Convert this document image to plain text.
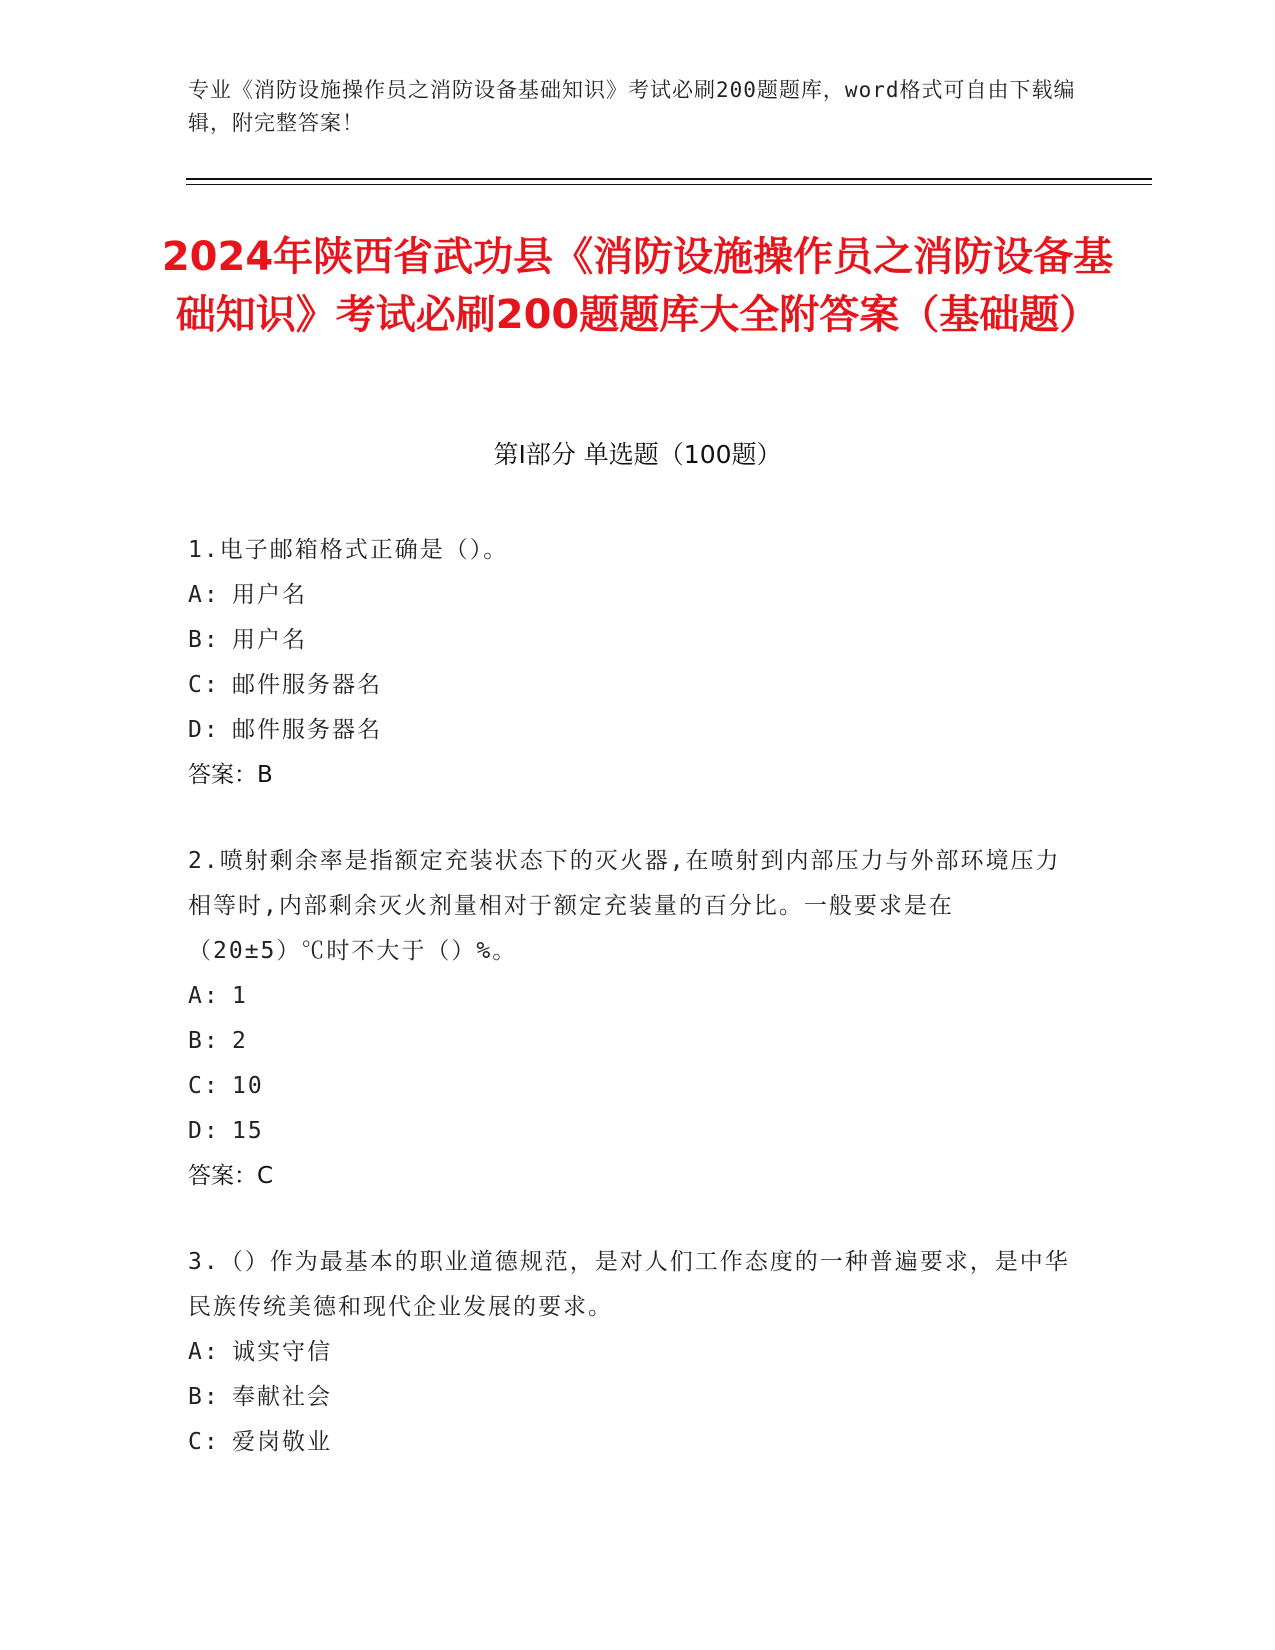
专业《消防设施操作员之消防设备基础知识》考试必刷200题题库，word格式可自由下载编辑，附完整答案！
2024年陕西省武功县《消防设施操作员之消防设备基础知识》考试必刷200题题库大全附答案（基础题）
第I部分 单选题（100题）

1.电子邮箱格式正确是（）。

A: 用户名

B: 用户名

C: 邮件服务器名

D: 邮件服务器名

答案：B

2.喷射剩余率是指额定充装状态下的灭火器,在喷射到内部压力与外部环境压力相等时,内部剩余灭火剂量相对于额定充装量的百分比。一般要求是在（20±5）℃时不大于（）%。

A: 1

B: 2

C: 10

D: 15

答案：C

3.（）作为最基本的职业道德规范，是对人们工作态度的一种普遍要求，是中华民族传统美德和现代企业发展的要求。

A: 诚实守信

B: 奉献社会

C: 爱岗敬业
